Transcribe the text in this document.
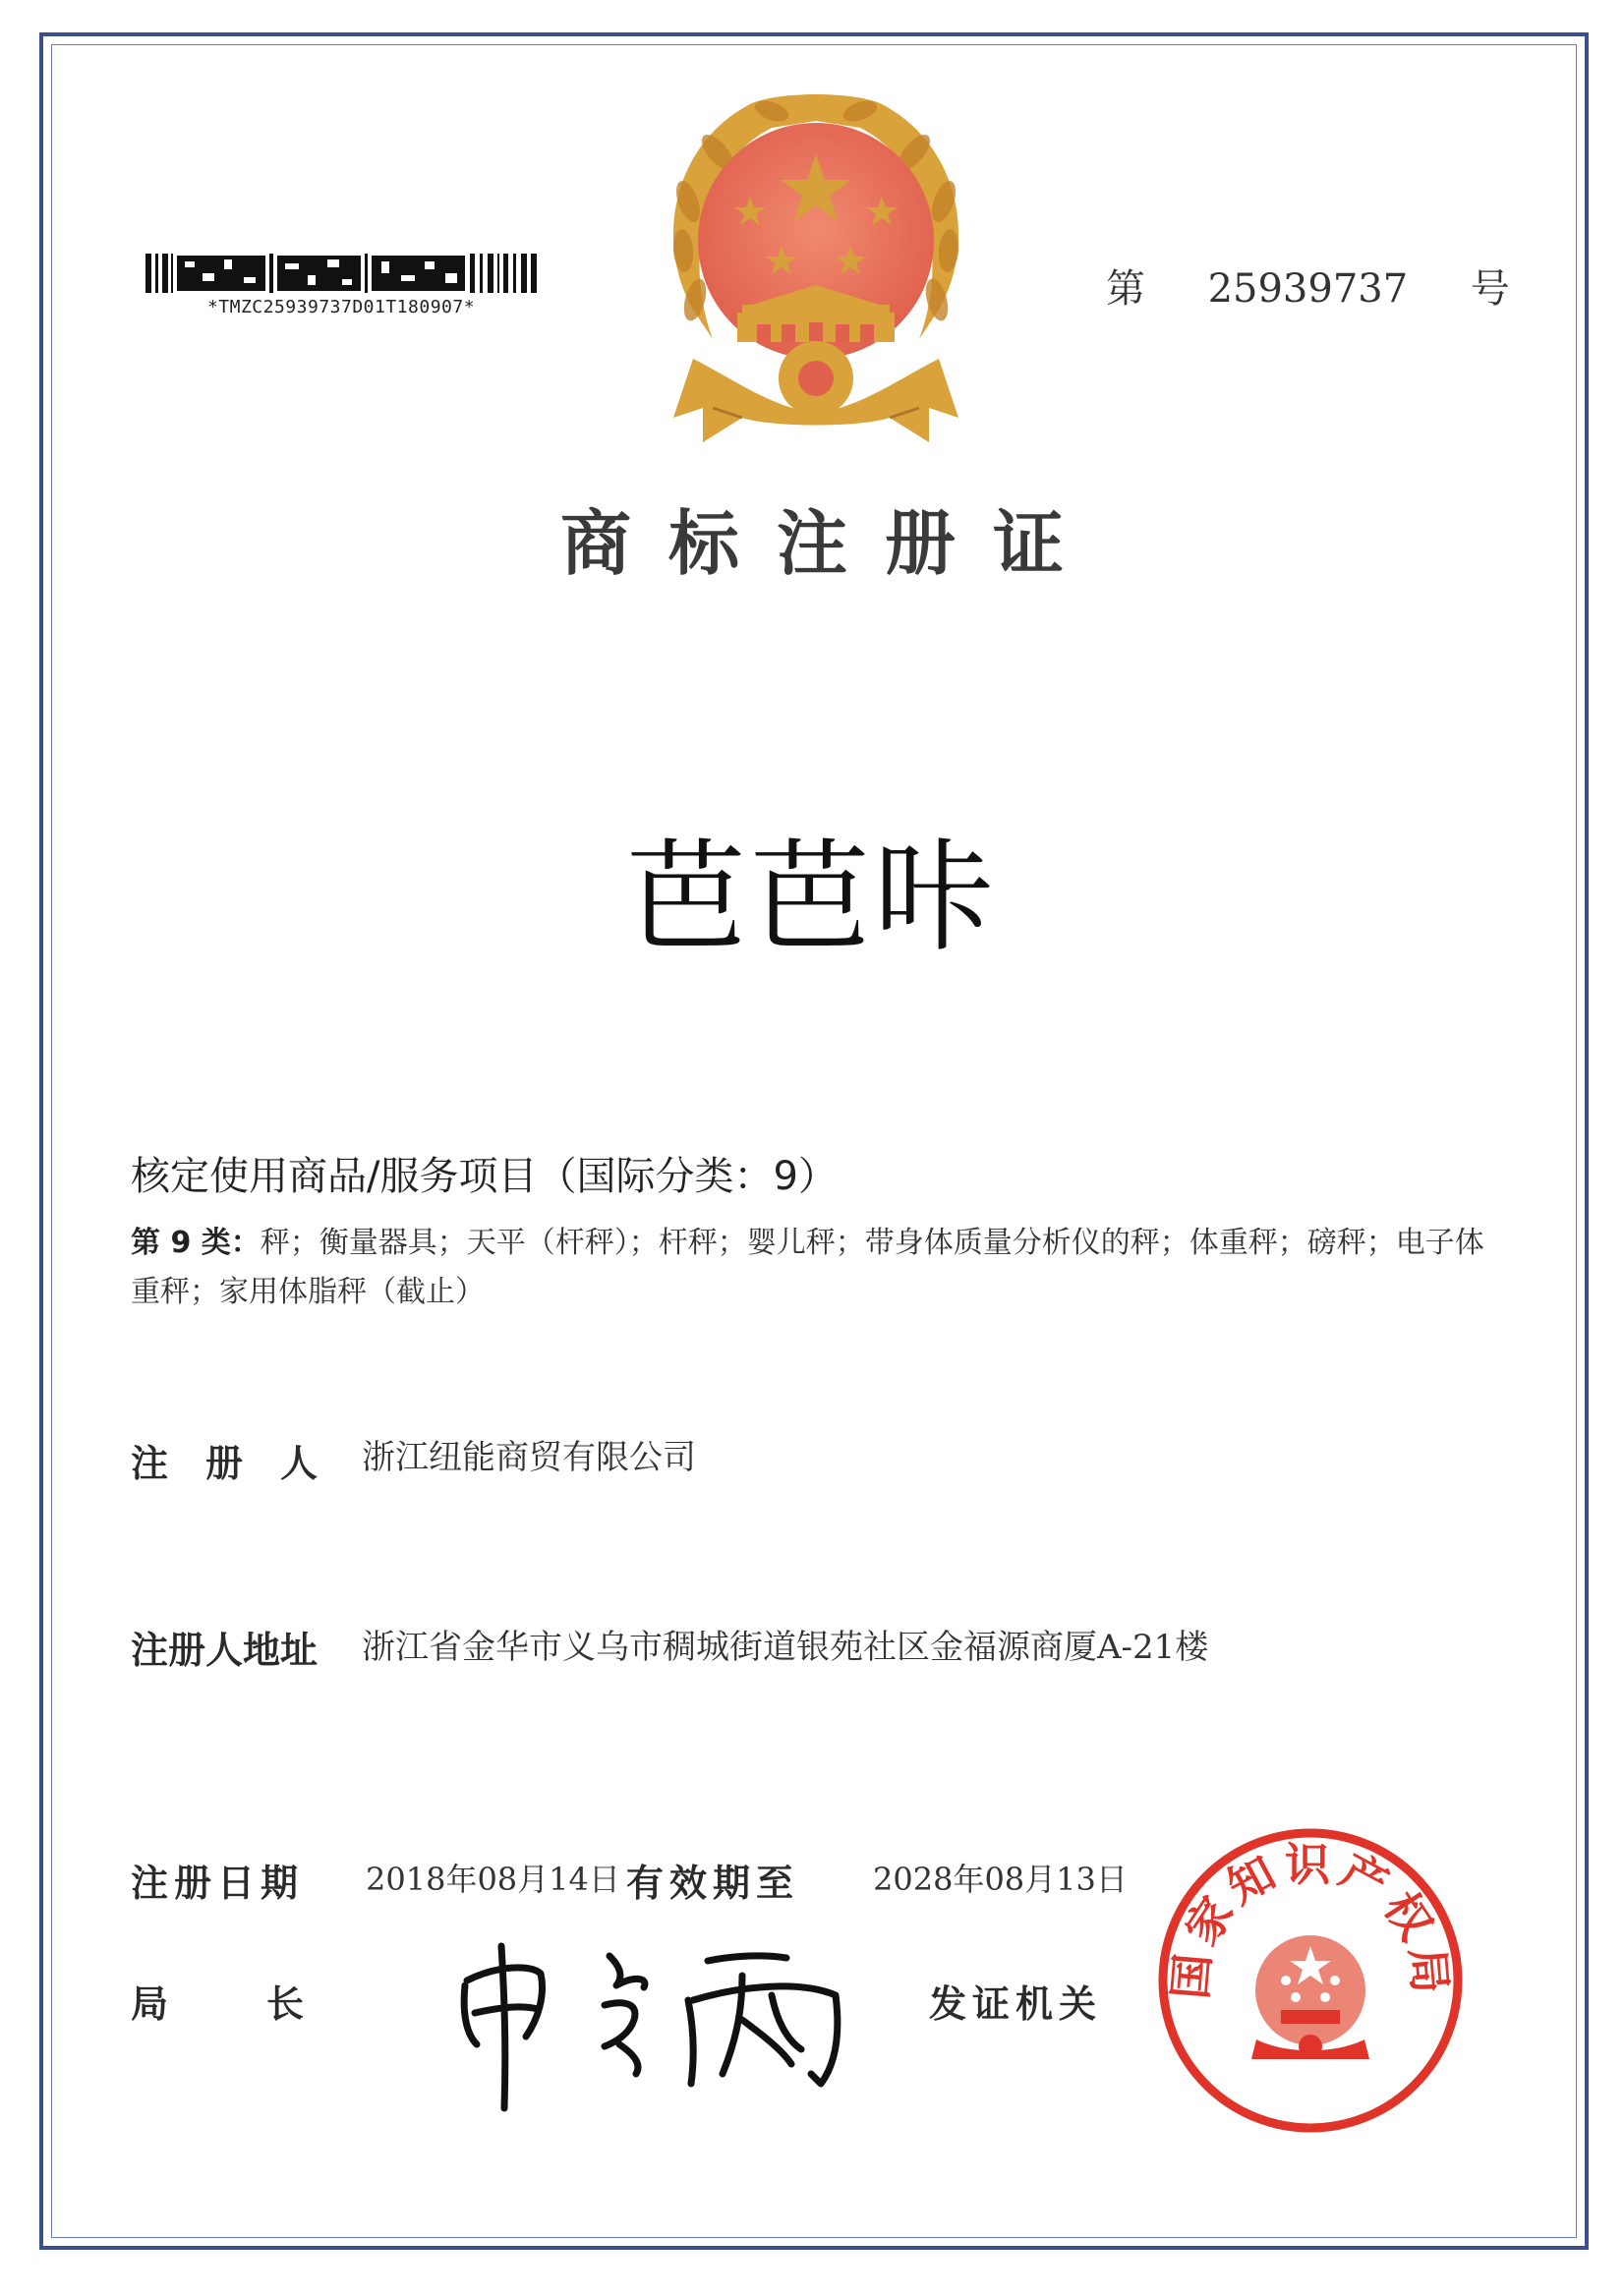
*TMZC25939737D01T180907*	第 25939737 号
商标注册证
芭芭咔
核定使用商品/服务项目（国际分类：9）
第 9 类：秤；衡量器具；天平（杆秤）；杆秤；婴儿秤；带身体质量分析仪的秤；体重秤；磅秤；电子体重秤；家用体脂秤（截止）
注册人 浙江纽能商贸有限公司
注册人地址 浙江省金华市义乌市稠城街道银苑社区金福源商厦A-21楼
注册日期 2018年08月14日 有效期至 2028年08月13日
局长	发证机关
国家知识产权局
